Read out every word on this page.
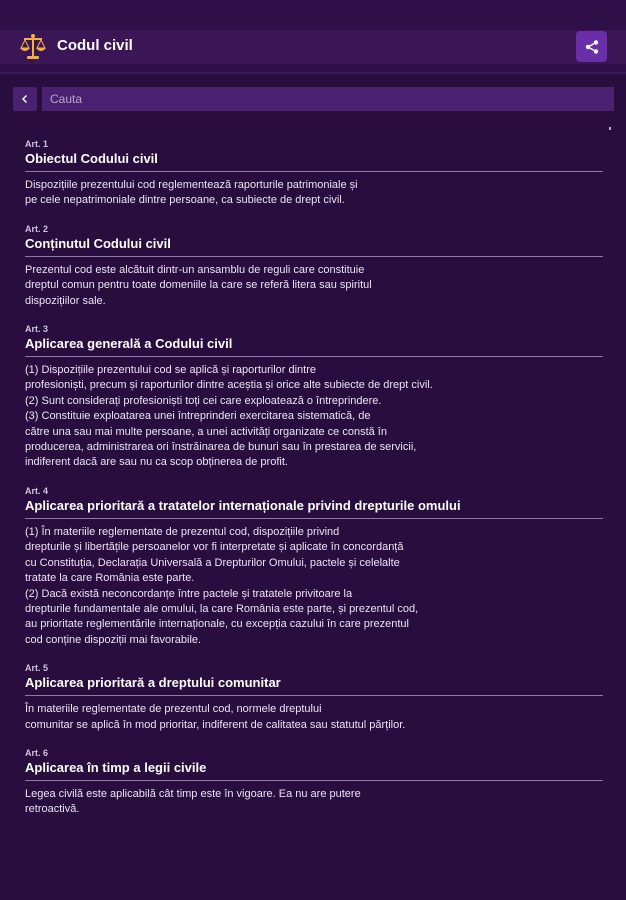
Codul civil
Cauta
Art. 1
Obiectul Codului civil
Dispozițiile prezentului cod reglementează raporturile patrimoniale și
pe cele nepatrimoniale dintre persoane, ca subiecte de drept civil.
Art. 2
Conținutul Codului civil
Prezentul cod este alcătuit dintr-un ansamblu de reguli care constituie
dreptul comun pentru toate domeniile la care se referă litera sau spiritul
dispozițiilor sale.
Art. 3
Aplicarea generală a Codului civil
(1) Dispozițiile prezentului cod se aplică și raporturilor dintre
profesioniști, precum și raporturilor dintre aceștia și orice alte subiecte de drept civil.
(2) Sunt considerați profesioniști toți cei care exploatează o întreprindere.
(3) Constituie exploatarea unei întreprinderi exercitarea sistematică, de
către una sau mai multe persoane, a unei activități organizate ce constă în
producerea, administrarea ori înstrăinarea de bunuri sau în prestarea de servicii,
indiferent dacă are sau nu ca scop obținerea de profit.
Art. 4
Aplicarea prioritară a tratatelor internaționale privind drepturile omului
(1) În materiile reglementate de prezentul cod, dispozițiile privind
drepturile și libertățile persoanelor vor fi interpretate și aplicate în concordanță
cu Constituția, Declarația Universală a Drepturilor Omului, pactele și celelalte
tratate la care România este parte.
(2) Dacă există neconcordanțe între pactele și tratatele privitoare la
drepturile fundamentale ale omului, la care România este parte, și prezentul cod,
au prioritate reglementările internaționale, cu excepția cazului în care prezentul
cod conține dispoziții mai favorabile.
Art. 5
Aplicarea prioritară a dreptului comunitar
În materiile reglementate de prezentul cod, normele dreptului
comunitar se aplică în mod prioritar, indiferent de calitatea sau statutul părților.
Art. 6
Aplicarea în timp a legii civile
Legea civilă este aplicabilă cât timp este în vigoare. Ea nu are putere
retroactivă.
